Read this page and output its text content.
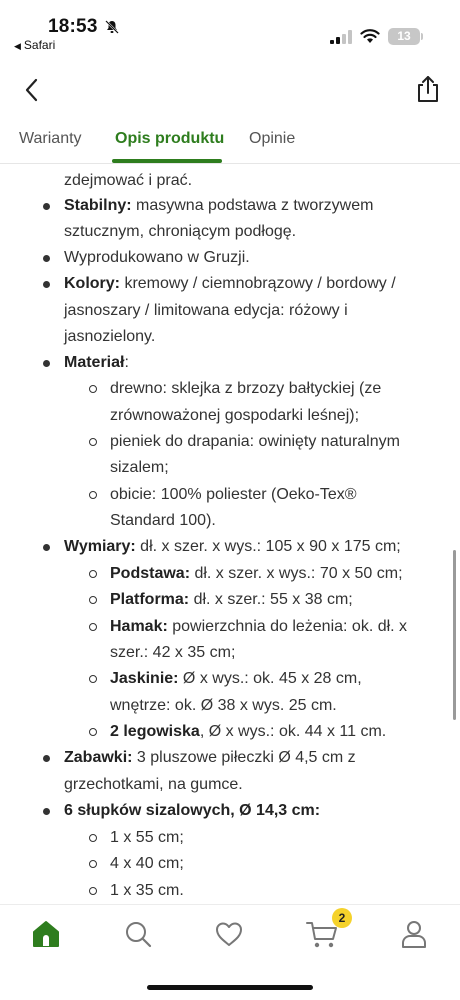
18:53
◀ Safari
13
Warianty Opis produktu Opinie
zdejmować i prać.
Stabilny: masywna podstawa z tworzywem
sztucznym, chroniącym podłogę.
Wyprodukowano w Gruzji.
Kolory: kremowy / ciemnobrązowy / bordowy /
jasnoszary / limitowana edycja: różowy i
jasnozielony.
Materiał:
drewno: sklejka z brzozy bałtyckiej (ze
zrównoważonej gospodarki leśnej);
pieniek do drapania: owinięty naturalnym
sizalem;
obicie: 100% poliester (Oeko-Tex®
Standard 100).
Wymiary: dł. x szer. x wys.: 105 x 90 x 175 cm;
Podstawa: dł. x szer. x wys.: 70 x 50 cm;
Platforma: dł. x szer.: 55 x 38 cm;
Hamak: powierzchnia do leżenia: ok. dł. x
szer.: 42 x 35 cm;
Jaskinie: Ø x wys.: ok. 45 x 28 cm,
wnętrze: ok. Ø 38 x wys. 25 cm.
2 legowiska, Ø x wys.: ok. 44 x 11 cm.
Zabawki: 3 pluszowe piłeczki Ø 4,5 cm z
grzechotkami, na gumce.
6 słupków sizalowych, Ø 14,3 cm:
1 x 55 cm;
4 x 40 cm;
1 x 35 cm.
2
